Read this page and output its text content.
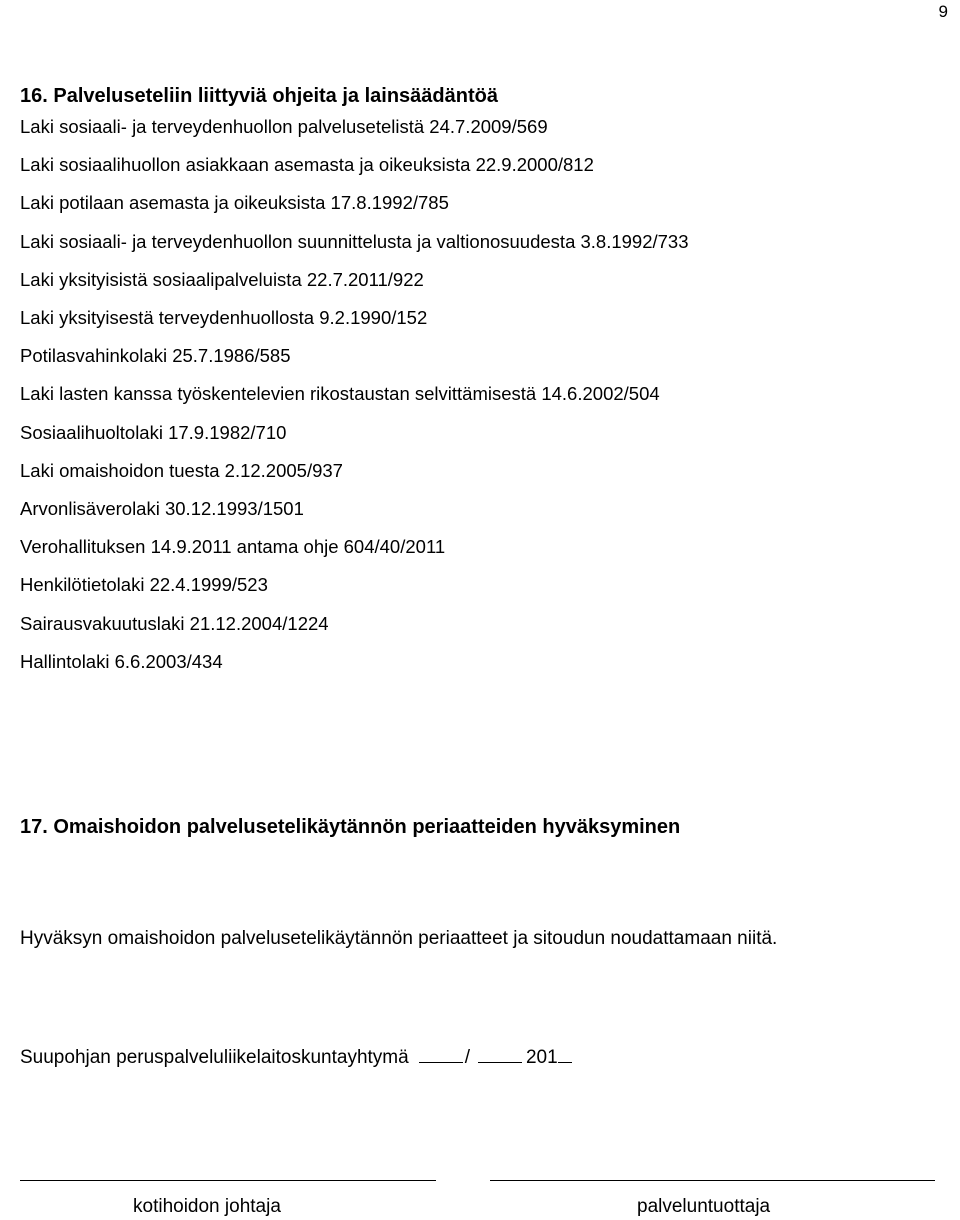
9
16. Palveluseteliin liittyviä ohjeita ja lainsäädäntöä
Laki sosiaali- ja terveydenhuollon palvelusetelistä 24.7.2009/569
Laki sosiaalihuollon asiakkaan asemasta ja oikeuksista 22.9.2000/812
Laki potilaan asemasta ja oikeuksista 17.8.1992/785
Laki sosiaali- ja terveydenhuollon suunnittelusta ja valtionosuudesta 3.8.1992/733
Laki yksityisistä sosiaalipalveluista 22.7.2011/922
Laki yksityisestä terveydenhuollosta 9.2.1990/152
Potilasvahinkolaki 25.7.1986/585
Laki lasten kanssa työskentelevien rikostaustan selvittämisestä 14.6.2002/504
Sosiaalihuoltolaki 17.9.1982/710
Laki omaishoidon tuesta 2.12.2005/937
Arvonlisäverolaki 30.12.1993/1501
Verohallituksen 14.9.2011 antama ohje 604/40/2011
Henkilötietolaki 22.4.1999/523
Sairausvakuutuslaki 21.12.2004/1224
Hallintolaki 6.6.2003/434
17. Omaishoidon palvelusetelikäytännön periaatteiden hyväksyminen
Hyväksyn omaishoidon palvelusetelikäytännön periaatteet ja sitoudun noudattamaan niitä.
Suupohjan peruspalveluliikelaitoskuntayhtymä	/	201
kotihoidon johtaja	palveluntuottaja
